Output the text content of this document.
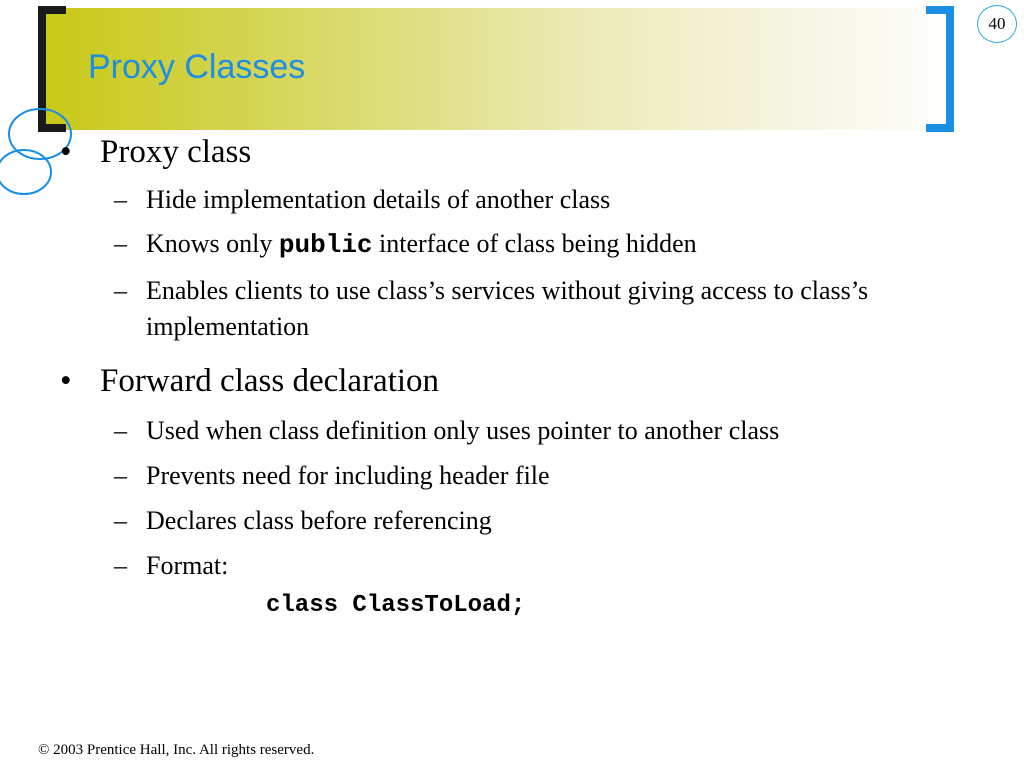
Proxy Classes
40
• Proxy class
– Hide implementation details of another class
– Knows only public interface of class being hidden
– Enables clients to use class’s services without giving access to class’s implementation
• Forward class declaration
– Used when class definition only uses pointer to another class
– Prevents need for including header file
– Declares class before referencing
– Format:
class ClassToLoad;
© 2003 Prentice Hall, Inc. All rights reserved.
